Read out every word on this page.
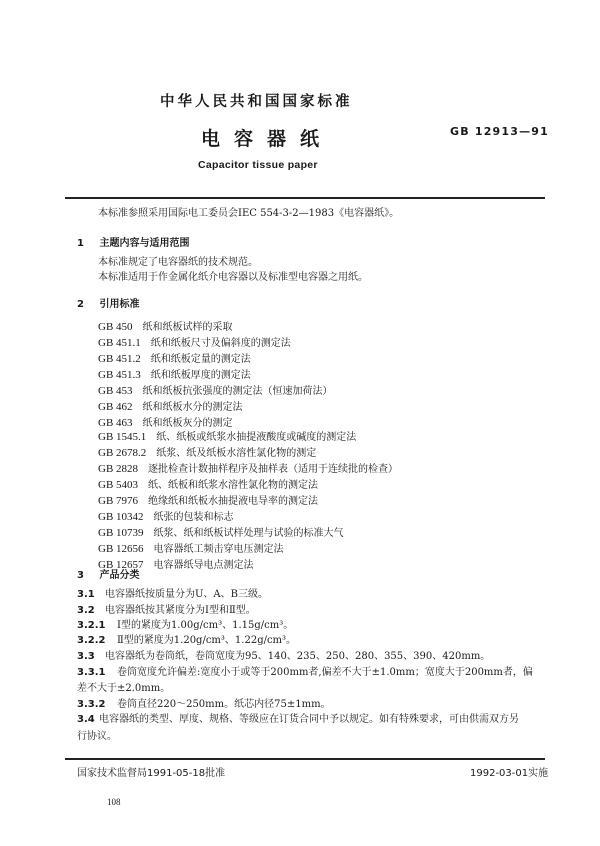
中华人民共和国国家标准
电容器纸	GB 12913—91
Capacitor tissue paper
本标准参照采用国际电工委员会IEC 554-3-2—1983《电容器纸》。
1 主题内容与适用范围
本标准规定了电容器纸的技术规范。
本标准适用于作金属化纸介电容器以及标准型电容器之用纸。
2 引用标准
GB 450 纸和纸板试样的采取
GB 451.1 纸和纸板尺寸及偏斜度的测定法
GB 451.2 纸和纸板定量的测定法
GB 451.3 纸和纸板厚度的测定法
GB 453 纸和纸板抗张强度的测定法（恒速加荷法）
GB 462 纸和纸板水分的测定法
GB 463 纸和纸板灰分的测定
GB 1545.1 纸、纸板或纸浆水抽提液酸度或碱度的测定法
GB 2678.2 纸浆、纸及纸板水溶性氯化物的测定
GB 2828 逐批检查计数抽样程序及抽样表（适用于连续批的检查）
GB 5403 纸、纸板和纸浆水溶性氯化物的测定法
GB 7976 绝缘纸和纸板水抽提液电导率的测定法
GB 10342 纸张的包装和标志
GB 10739 纸浆、纸和纸板试样处理与试验的标准大气
GB 12656 电容器纸工频击穿电压测定法
GB 12657 电容器纸导电点测定法
3 产品分类
3.1 电容器纸按质量分为U、A、B三级。
3.2 电容器纸按其紧度分为Ⅰ型和Ⅱ型。
3.2.1 Ⅰ型的紧度为1.00g/cm³、1.15g/cm³。
3.2.2 Ⅱ型的紧度为1.20g/cm³、1.22g/cm³。
3.3 电容器纸为卷筒纸，卷筒宽度为95、140、235、250、280、355、390、420mm。
3.3.1 卷筒宽度允许偏差:宽度小于或等于200mm者,偏差不大于±1.0mm；宽度大于200mm者，偏
差不大于±2.0mm。
3.3.2 卷筒直径220～250mm。纸芯内径75±1mm。
3.4 电容器纸的类型、厚度、规格、等级应在订货合同中予以规定。如有特殊要求，可由供需双方另
行协议。
国家技术监督局1991-05-18批准	1992-03-01实施
108
